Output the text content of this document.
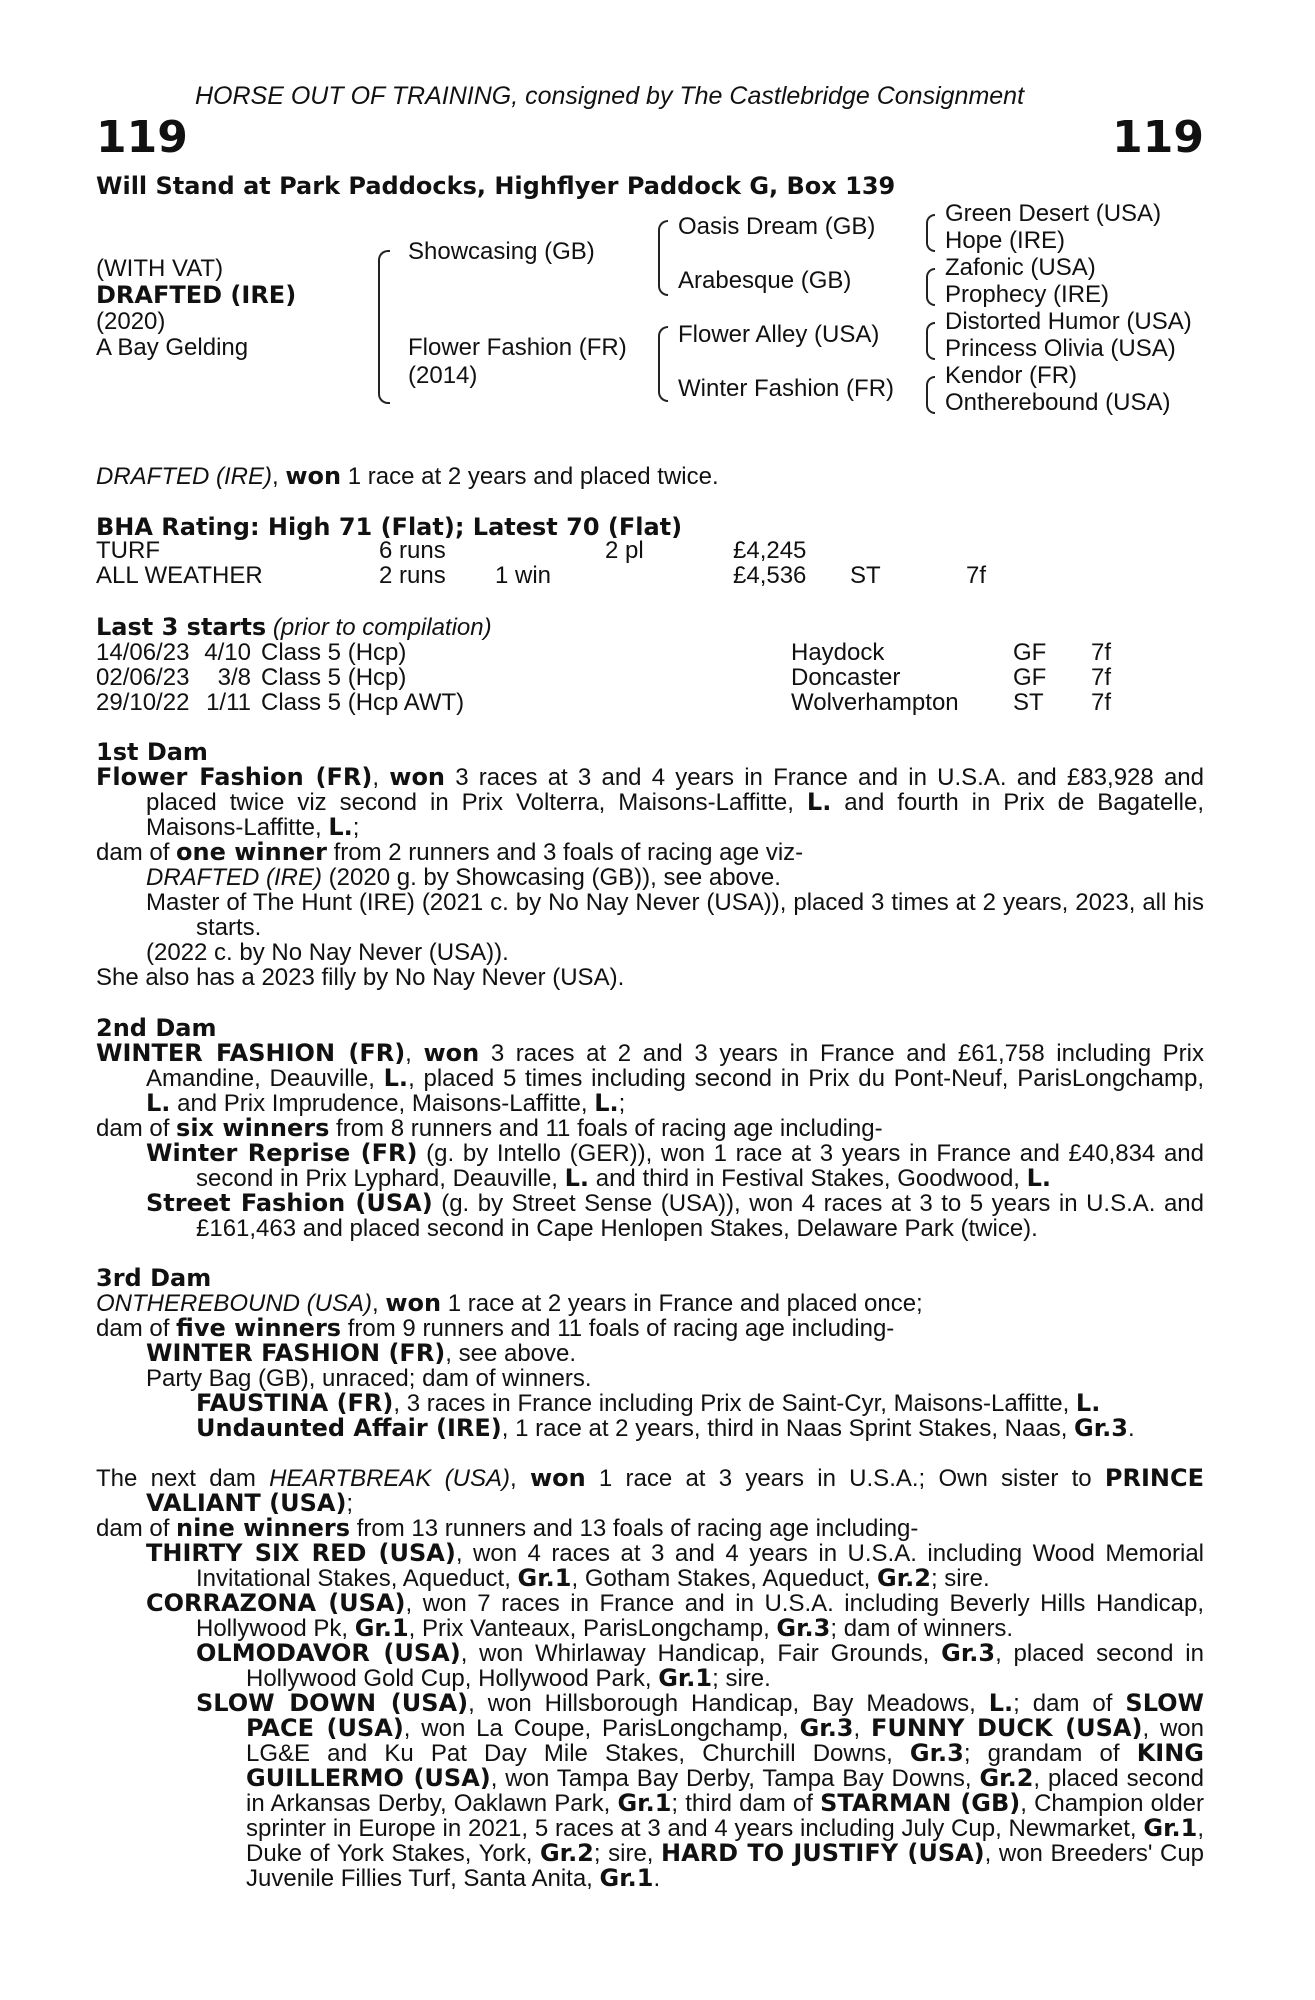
HORSE OUT OF TRAINING, consigned by The Castlebridge Consignment
119	119
Will Stand at Park Paddocks, Highflyer Paddock G, Box 139
(WITH VAT)
DRAFTED (IRE)
(2020)
A Bay Gelding
Showcasing (GB)
Flower Fashion (FR)
(2014)
Oasis Dream (GB)
Arabesque (GB)
Flower Alley (USA)
Winter Fashion (FR)
Green Desert (USA)
Hope (IRE)
Zafonic (USA)
Prophecy (IRE)
Distorted Humor (USA)
Princess Olivia (USA)
Kendor (FR)
Ontherebound (USA)
DRAFTED (IRE), won 1 race at 2 years and placed twice.
BHA Rating: High 71 (Flat); Latest 70 (Flat)
TURF	6 runs		2 pl	£4,245		
ALL WEATHER	2 runs	1 win		£4,536	ST	7f
Last 3 starts (prior to compilation)
14/06/23	4/10	Class 5 (Hcp)	Haydock	GF	7f
02/06/23	3/8	Class 5 (Hcp)	Doncaster	GF	7f
29/10/22	1/11	Class 5 (Hcp AWT)	Wolverhampton	ST	7f

1st Dam

Flower Fashion (FR), won 3 races at 3 and 4 years in France and in U.S.A. and £83,928 and placed twice viz second in Prix Volterra, Maisons-Laffitte, L. and fourth in Prix de Bagatelle, Maisons-Laffitte, L.;

dam of one winner from 2 runners and 3 foals of racing age viz-

DRAFTED (IRE) (2020 g. by Showcasing (GB)), see above.

Master of The Hunt (IRE) (2021 c. by No Nay Never (USA)), placed 3 times at 2 years, 2023, all his starts.

(2022 c. by No Nay Never (USA)).

She also has a 2023 filly by No Nay Never (USA).

2nd Dam

WINTER FASHION (FR), won 3 races at 2 and 3 years in France and £61,758 including Prix Amandine, Deauville, L., placed 5 times including second in Prix du Pont-Neuf, ParisLongchamp, L. and Prix Imprudence, Maisons-Laffitte, L.;

dam of six winners from 8 runners and 11 foals of racing age including-

Winter Reprise (FR) (g. by Intello (GER)), won 1 race at 3 years in France and £40,834 and second in Prix Lyphard, Deauville, L. and third in Festival Stakes, Goodwood, L.

Street Fashion (USA) (g. by Street Sense (USA)), won 4 races at 3 to 5 years in U.S.A. and £161,463 and placed second in Cape Henlopen Stakes, Delaware Park (twice).

3rd Dam

ONTHEREBOUND (USA), won 1 race at 2 years in France and placed once;

dam of five winners from 9 runners and 11 foals of racing age including-

WINTER FASHION (FR), see above.

Party Bag (GB), unraced; dam of winners.

FAUSTINA (FR), 3 races in France including Prix de Saint-Cyr, Maisons-Laffitte, L.

Undaunted Affair (IRE), 1 race at 2 years, third in Naas Sprint Stakes, Naas, Gr.3.

The next dam HEARTBREAK (USA), won 1 race at 3 years in U.S.A.; Own sister to PRINCE VALIANT (USA);

dam of nine winners from 13 runners and 13 foals of racing age including-

THIRTY SIX RED (USA), won 4 races at 3 and 4 years in U.S.A. including Wood Memorial Invitational Stakes, Aqueduct, Gr.1, Gotham Stakes, Aqueduct, Gr.2; sire.

CORRAZONA (USA), won 7 races in France and in U.S.A. including Beverly Hills Handicap, Hollywood Pk, Gr.1, Prix Vanteaux, ParisLongchamp, Gr.3; dam of winners.

OLMODAVOR (USA), won Whirlaway Handicap, Fair Grounds, Gr.3, placed second in Hollywood Gold Cup, Hollywood Park, Gr.1; sire.

SLOW DOWN (USA), won Hillsborough Handicap, Bay Meadows, L.; dam of SLOW PACE (USA), won La Coupe, ParisLongchamp, Gr.3, FUNNY DUCK (USA), won LG&E and Ku Pat Day Mile Stakes, Churchill Downs, Gr.3; grandam of KING GUILLERMO (USA), won Tampa Bay Derby, Tampa Bay Downs, Gr.2, placed second in Arkansas Derby, Oaklawn Park, Gr.1; third dam of STARMAN (GB), Champion older sprinter in Europe in 2021, 5 races at 3 and 4 years including July Cup, Newmarket, Gr.1, Duke of York Stakes, York, Gr.2; sire, HARD TO JUSTIFY (USA), won Breeders' Cup Juvenile Fillies Turf, Santa Anita, Gr.1.
